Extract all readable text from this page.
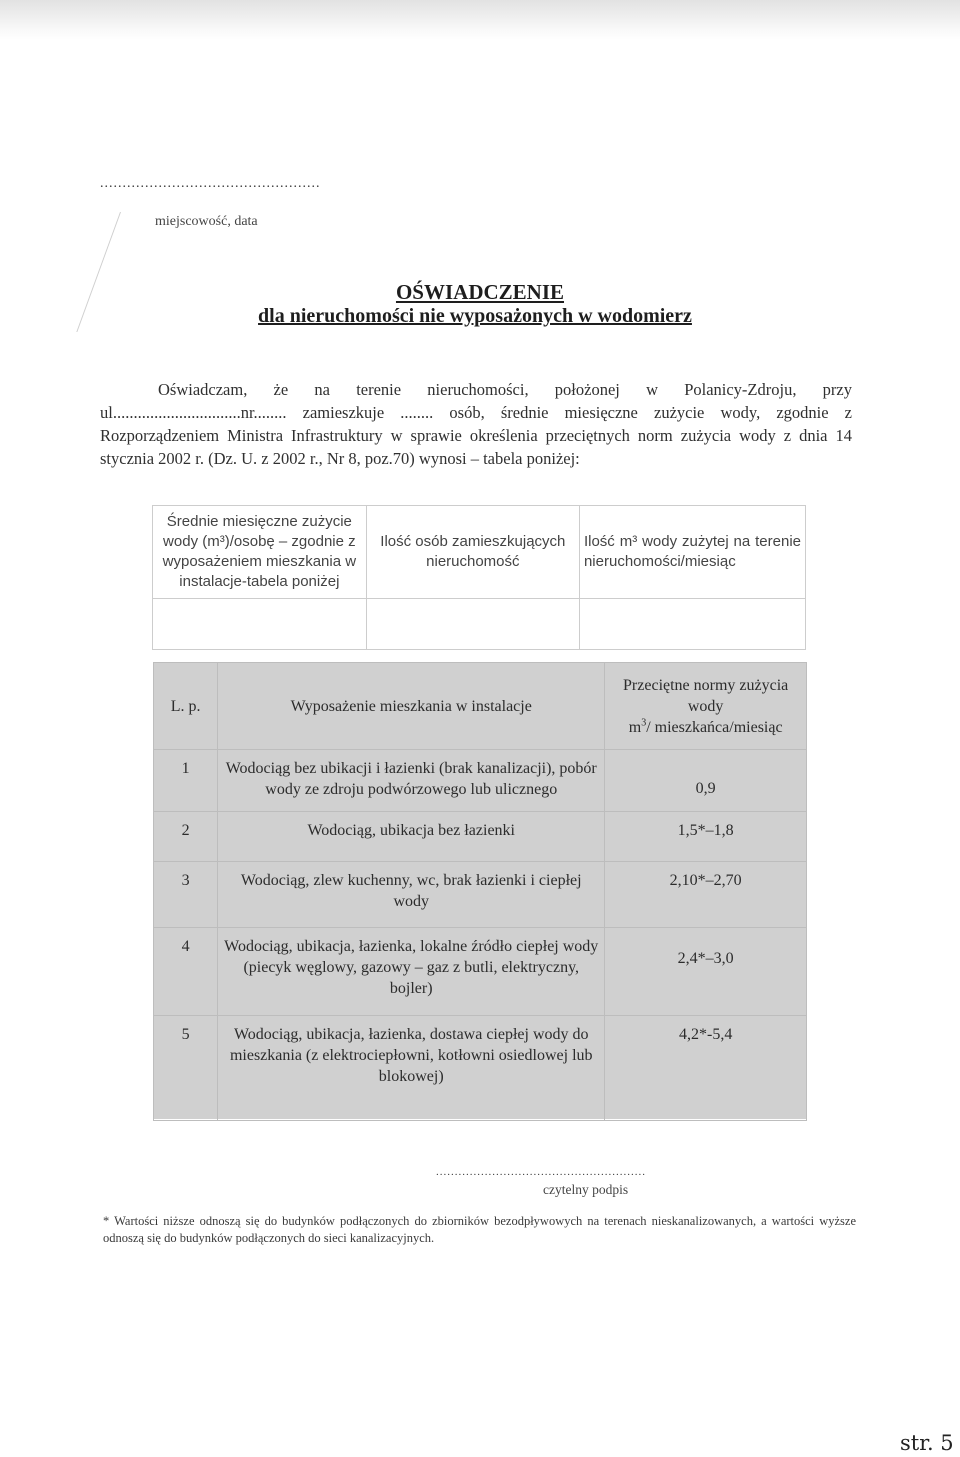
.................................................
miejscowość, data
OŚWIADCZENIE
dla nieruchomości nie wyposażonych w wodomierz
Oświadczam, że na terenie nieruchomości, położonej w Polanicy-Zdroju, przy ul...............................nr........ zamieszkuje ........ osób, średnie miesięczne zużycie wody, zgodnie z Rozporządzeniem Ministra Infrastruktury w sprawie określenia przeciętnych norm zużycia wody z dnia 14 stycznia 2002 r. (Dz. U. z 2002 r., Nr 8, poz.70) wynosi – tabela poniżej:
Średnie miesięczne zużycie wody (m³)/osobę – zgodnie z wyposażeniem mieszkania w instalacje-tabela poniżej	Ilość osób zamieszkujących nieruchomość	Ilość m³ wody zużytej na terenie nieruchomości/miesiąc

L. p.	Wyposażenie mieszkania w instalacje	Przeciętne normy zużycia wody
$m^3/$ mieszkańca/miesiąc
1	Wodociąg bez ubikacji i łazienki (brak kanalizacji), pobór wody ze zdroju podwórzowego lub ulicznego	0,9

2	Wodociąg, ubikacja bez łazienki	1,5*–1,8
3	Wodociąg, zlew kuchenny, wc, brak łazienki i ciepłej wody	2,10*–2,70
4	Wodociąg, ubikacja, łazienka, lokalne źródło ciepłej wody (piecyk węglowy, gazowy – gaz z butli, elektryczny, bojler)	2,4*–3,0

5	Wodociąg, ubikacja, łazienka, dostawa ciepłej wody do mieszkania (z elektrociepłowni, kotłowni osiedlowej lub blokowej)	4,2*-5,4
........................................................
czytelny podpis
* Wartości niższe odnoszą się do budynków podłączonych do zbiorników bezodpływowych na terenach nieskanalizowanych, a wartości wyższe odnoszą się do budynków podłączonych do sieci kanalizacyjnych.
str. 5
